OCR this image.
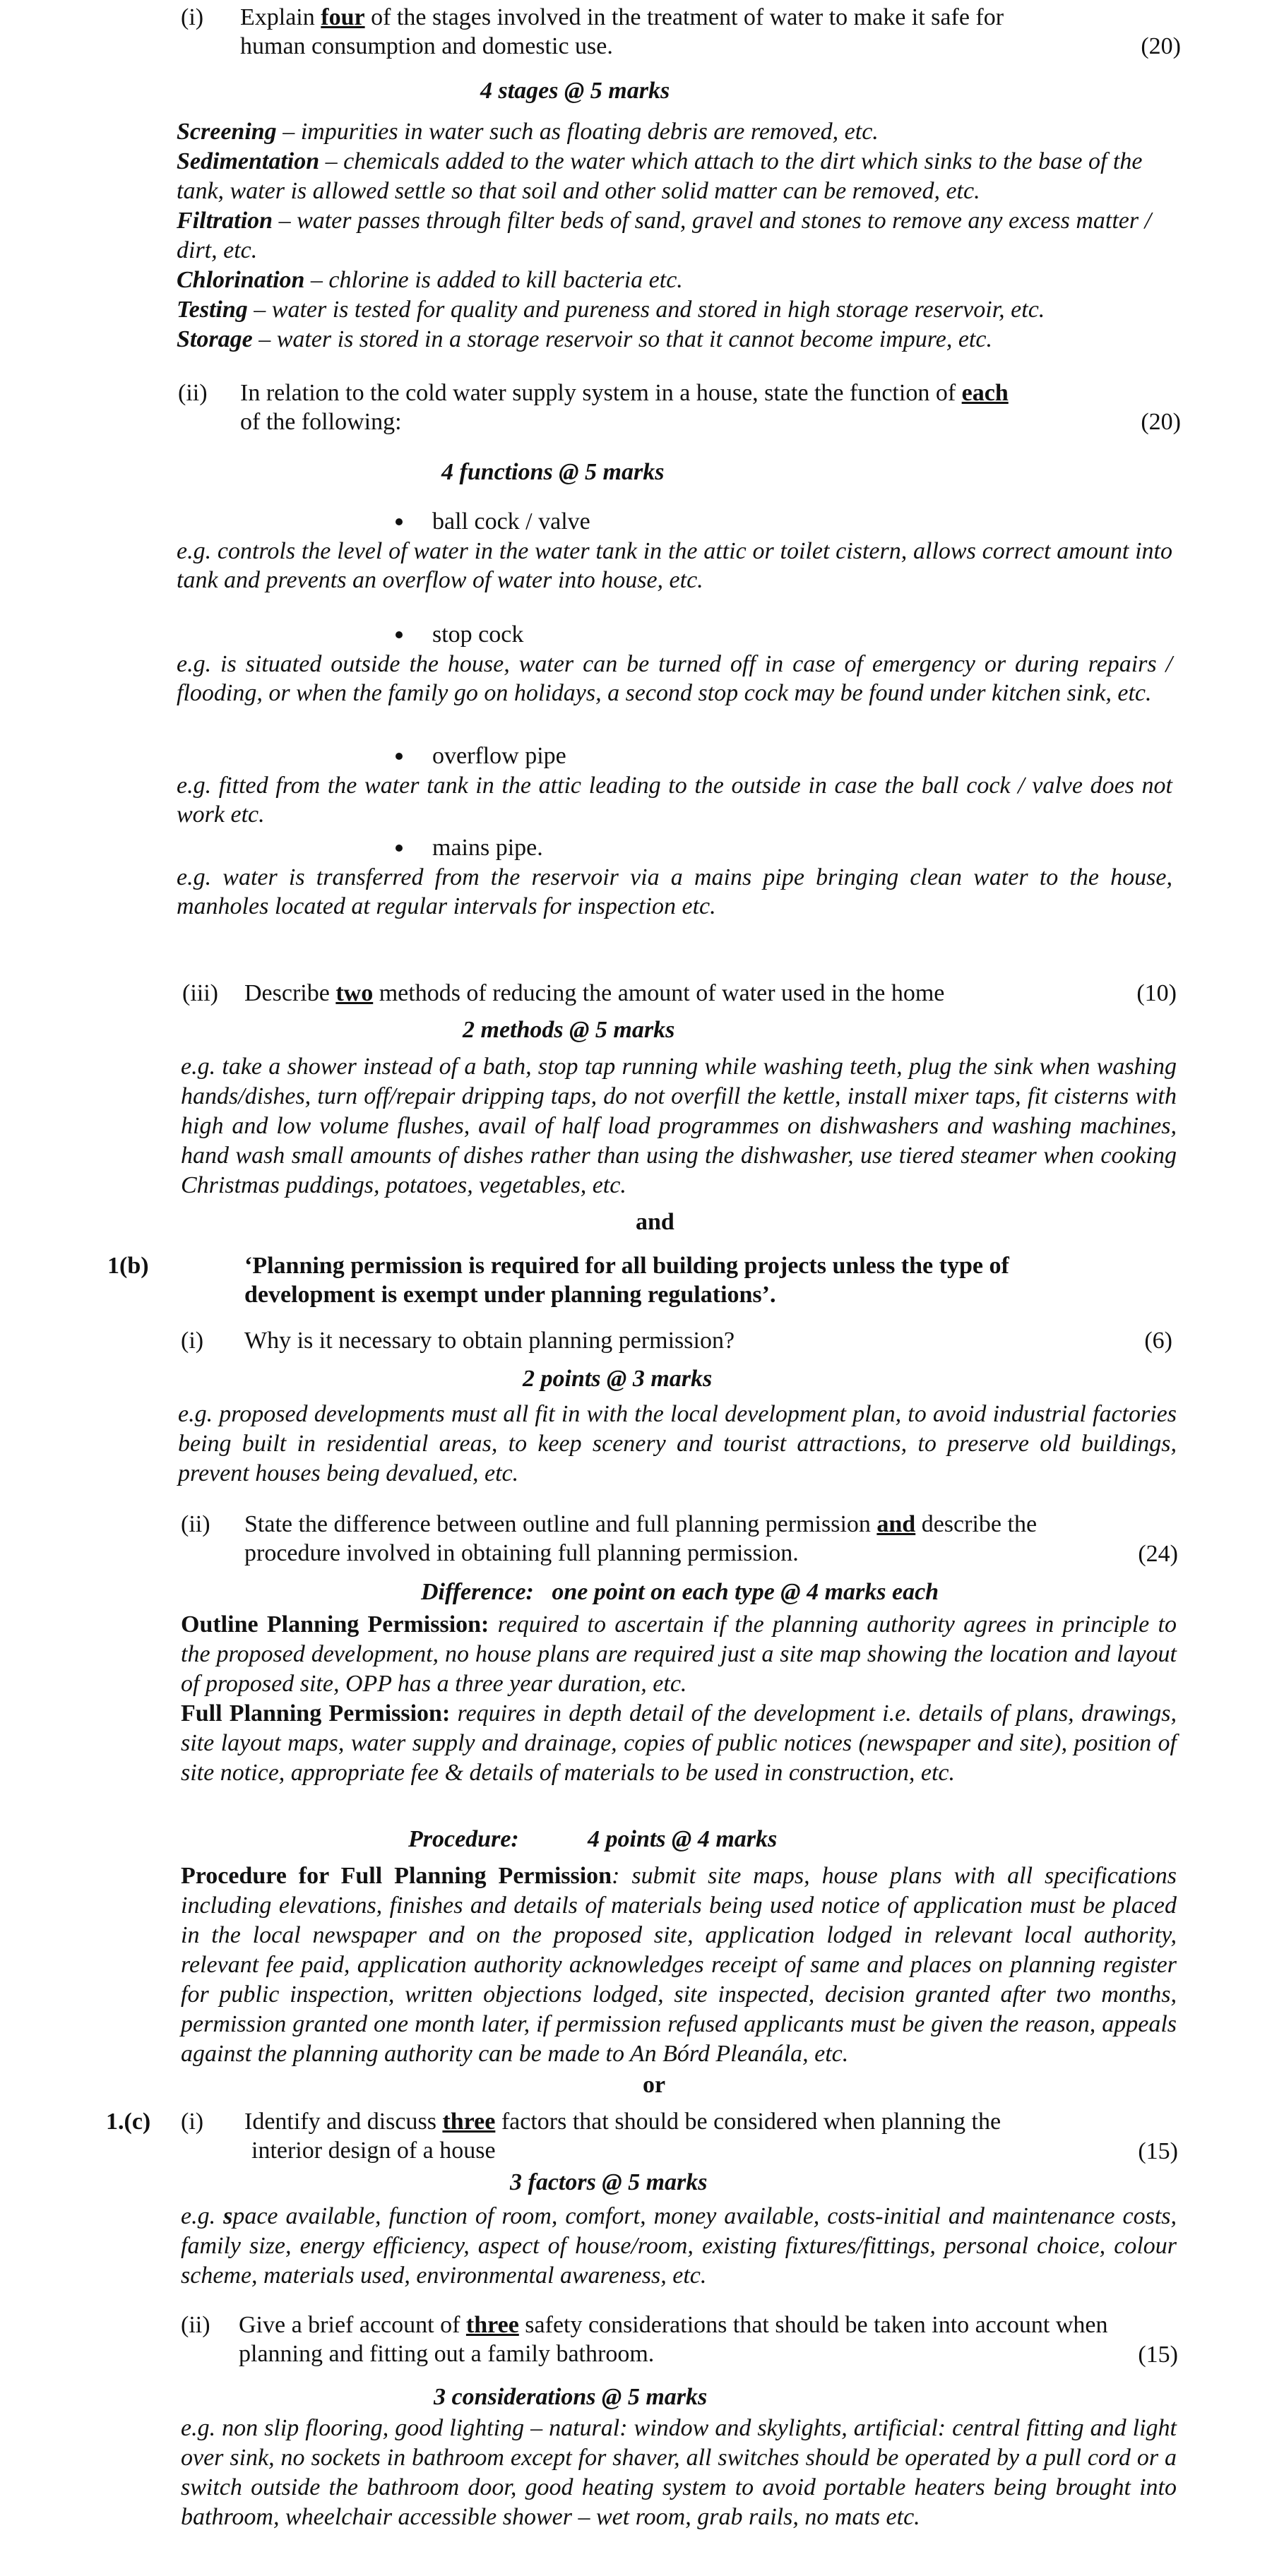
(i) Explain four of the stages involved in the treatment of water to make it safe for
human consumption and domestic use.	(20)
4 stages @ 5 marks
Screening – impurities in water such as floating debris are removed, etc.
Sedimentation – chemicals added to the water which attach to the dirt which sinks to the base of the tank, water is allowed settle so that soil and other solid matter can be removed, etc.
Filtration – water passes through filter beds of sand, gravel and stones to remove any excess matter / dirt, etc.
Chlorination – chlorine is added to kill bacteria etc.
Testing – water is tested for quality and pureness and stored in high storage reservoir, etc.
Storage – water is stored in a storage reservoir so that it cannot become impure, etc.
(ii) In relation to the cold water supply system in a house, state the function of each
of the following:	(20)
4 functions @ 5 marks
ball cock / valve
e.g. controls the level of water in the water tank in the attic or toilet cistern, allows correct amount into tank and prevents an overflow of water into house, etc.
stop cock
e.g. is situated outside the house, water can be turned off in case of emergency or during repairs / flooding, or when the family go on holidays, a second stop cock may be found under kitchen sink, etc.
overflow pipe
e.g. fitted from the water tank in the attic leading to the outside in case the ball cock / valve does not work etc.
mains pipe.
e.g. water is transferred from the reservoir via a mains pipe bringing clean water to the house, manholes located at regular intervals for inspection etc.
(iii) Describe two methods of reducing the amount of water used in the home	(10)
2 methods @ 5 marks
e.g. take a shower instead of a bath, stop tap running while washing teeth, plug the sink when washing hands/dishes, turn off/repair dripping taps, do not overfill the kettle, install mixer taps, fit cisterns with high and low volume flushes, avail of half load programmes on dishwashers and washing machines, hand wash small amounts of dishes rather than using the dishwasher, use tiered steamer when cooking Christmas puddings, potatoes, vegetables, etc.
and
1(b)	‘Planning permission is required for all building projects unless the type of
development is exempt under planning regulations’.
(i) Why is it necessary to obtain planning permission?	(6)
2 points @ 3 marks
e.g. proposed developments must all fit in with the local development plan, to avoid industrial factories being built in residential areas, to keep scenery and tourist attractions, to preserve old buildings, prevent houses being devalued, etc.
(ii) State the difference between outline and full planning permission and describe the
procedure involved in obtaining full planning permission.	(24)
Difference:   one point on each type @ 4 marks each
Outline Planning Permission: required to ascertain if the planning authority agrees in principle to the proposed development, no house plans are required just a site map showing the location and layout of proposed site, OPP has a three year duration, etc.
Full Planning Permission: requires in depth detail of the development i.e. details of plans, drawings, site layout maps, water supply and drainage, copies of public notices (newspaper and site), position of site notice, appropriate fee & details of materials to be used in construction, etc.
Procedure:	4 points @ 4 marks
Procedure for Full Planning Permission: submit site maps, house plans with all specifications including elevations, finishes and details of materials being used notice of application must be placed in the local newspaper and on the proposed site, application lodged in relevant local authority, relevant fee paid, application authority acknowledges receipt of same and places on planning register for public inspection, written objections lodged, site inspected, decision granted after two months, permission granted one month later, if permission refused applicants must be given the reason, appeals against the planning authority can be made to An Bórd Pleanála, etc.
or
1.(c) (i) Identify and discuss three factors that should be considered when planning the
interior design of a house	(15)
3 factors @ 5 marks
e.g. space available, function of room, comfort, money available, costs-initial and maintenance costs, family size, energy efficiency, aspect of house/room, existing fixtures/fittings, personal choice, colour scheme, materials used, environmental awareness, etc.
(ii) Give a brief account of three safety considerations that should be taken into account when
planning and fitting out a family bathroom.	(15)
3 considerations @ 5 marks
e.g. non slip flooring, good lighting – natural: window and skylights, artificial: central fitting and light over sink, no sockets in bathroom except for shaver, all switches should be operated by a pull cord or a switch outside the bathroom door, good heating system to avoid portable heaters being brought into bathroom, wheelchair accessible shower – wet room, grab rails, no mats etc.
